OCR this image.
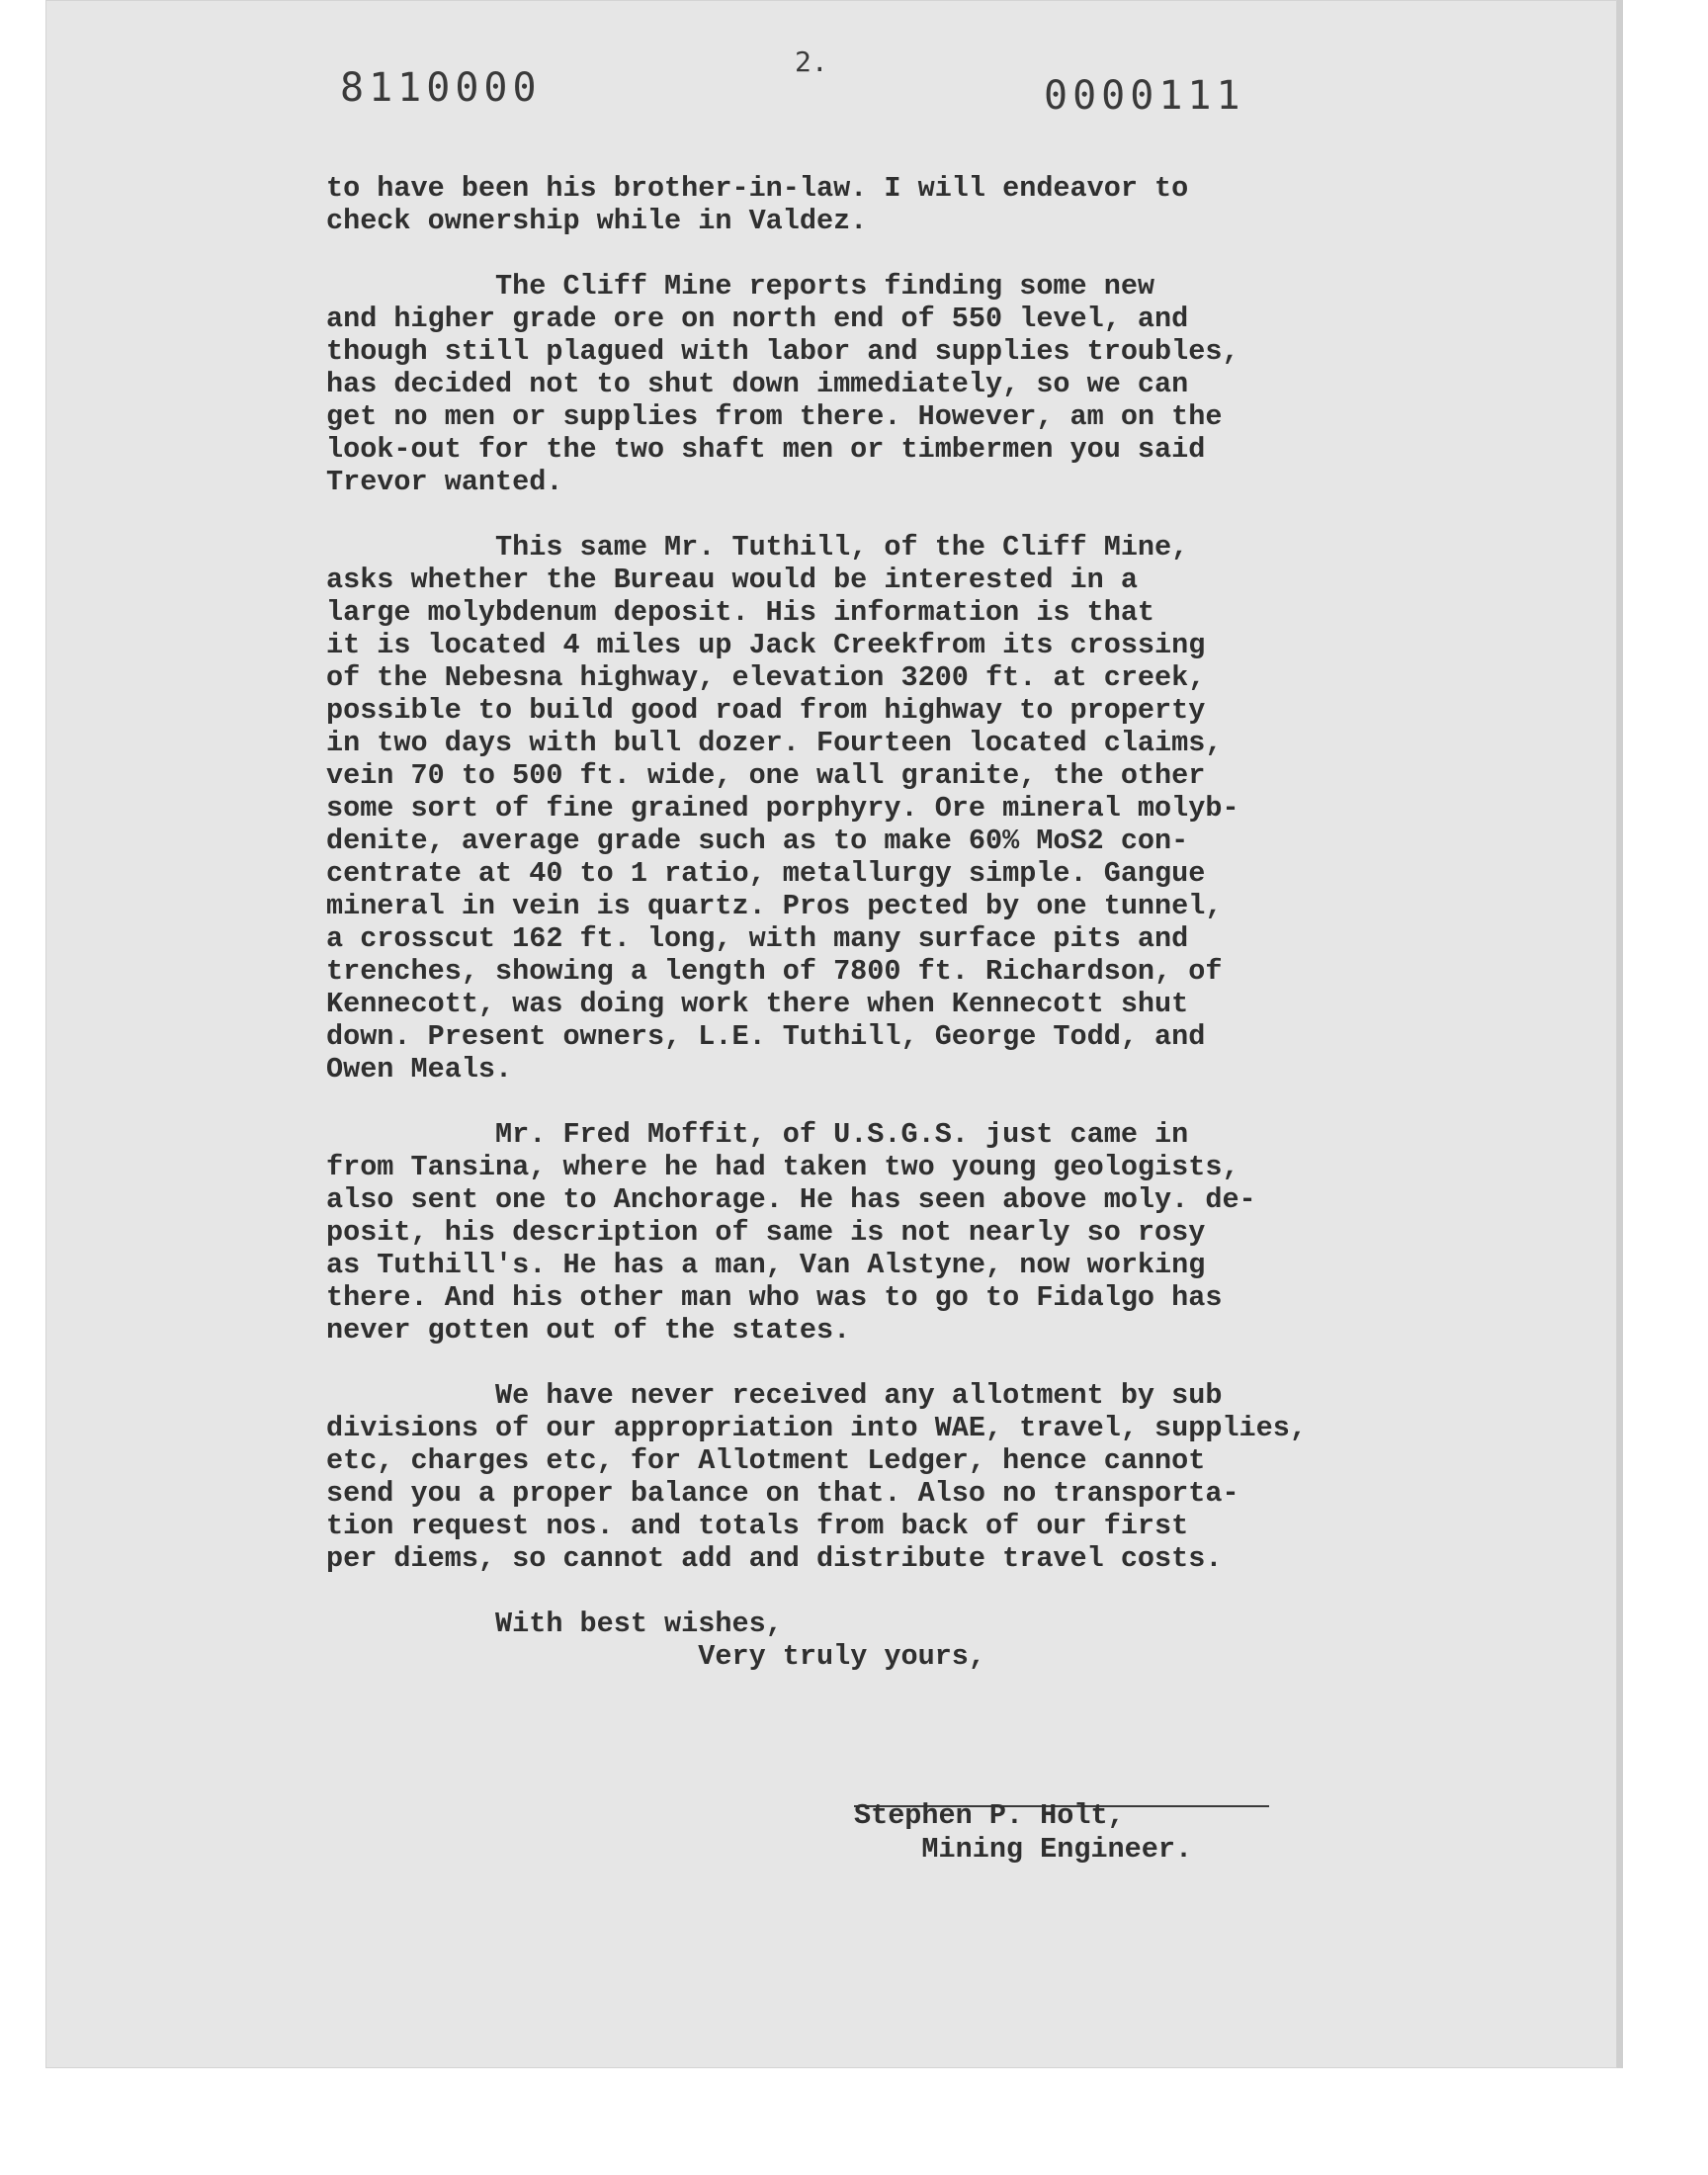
8110000
2.
0000111

to have been his brother-in-law. I will endeavor to
check ownership while in Valdez.

The Cliff Mine reports finding some new
and higher grade ore on north end of 550 level, and
though still plagued with labor and supplies troubles,
has decided not to shut down immediately, so we can
get no men or supplies from there. However, am on the
look-out for the two shaft men or timbermen you said
Trevor wanted.

This same Mr. Tuthill, of the Cliff Mine,
asks whether the Bureau would be interested in a
large molybdenum deposit. His information is that
it is located 4 miles up Jack Creekfrom its crossing
of the Nebesna highway, elevation 3200 ft. at creek,
possible to build good road from highway to property
in two days with bull dozer. Fourteen located claims,
vein 70 to 500 ft. wide, one wall granite, the other
some sort of fine grained porphyry. Ore mineral molyb-
denite, average grade such as to make 60% MoS2 con-
centrate at 40 to 1 ratio, metallurgy simple. Gangue
mineral in vein is quartz. Pros pected by one tunnel,
a crosscut 162 ft. long, with many surface pits and
trenches, showing a length of 7800 ft. Richardson, of
Kennecott, was doing work there when Kennecott shut
down. Present owners, L.E. Tuthill, George Todd, and
Owen Meals.

Mr. Fred Moffit, of U.S.G.S. just came in
from Tansina, where he had taken two young geologists,
also sent one to Anchorage. He has seen above moly. de-
posit, his description of same is not nearly so rosy
as Tuthill's. He has a man, Van Alstyne, now working
there. And his other man who was to go to Fidalgo has
never gotten out of the states.

We have never received any allotment by sub
divisions of our appropriation into WAE, travel, supplies,
etc, charges etc, for Allotment Ledger, hence cannot
send you a proper balance on that. Also no transporta-
tion request nos. and totals from back of our first
per diems, so cannot add and distribute travel costs.

With best wishes,

Very truly yours,

Stephen P. Holt,
Mining Engineer.
